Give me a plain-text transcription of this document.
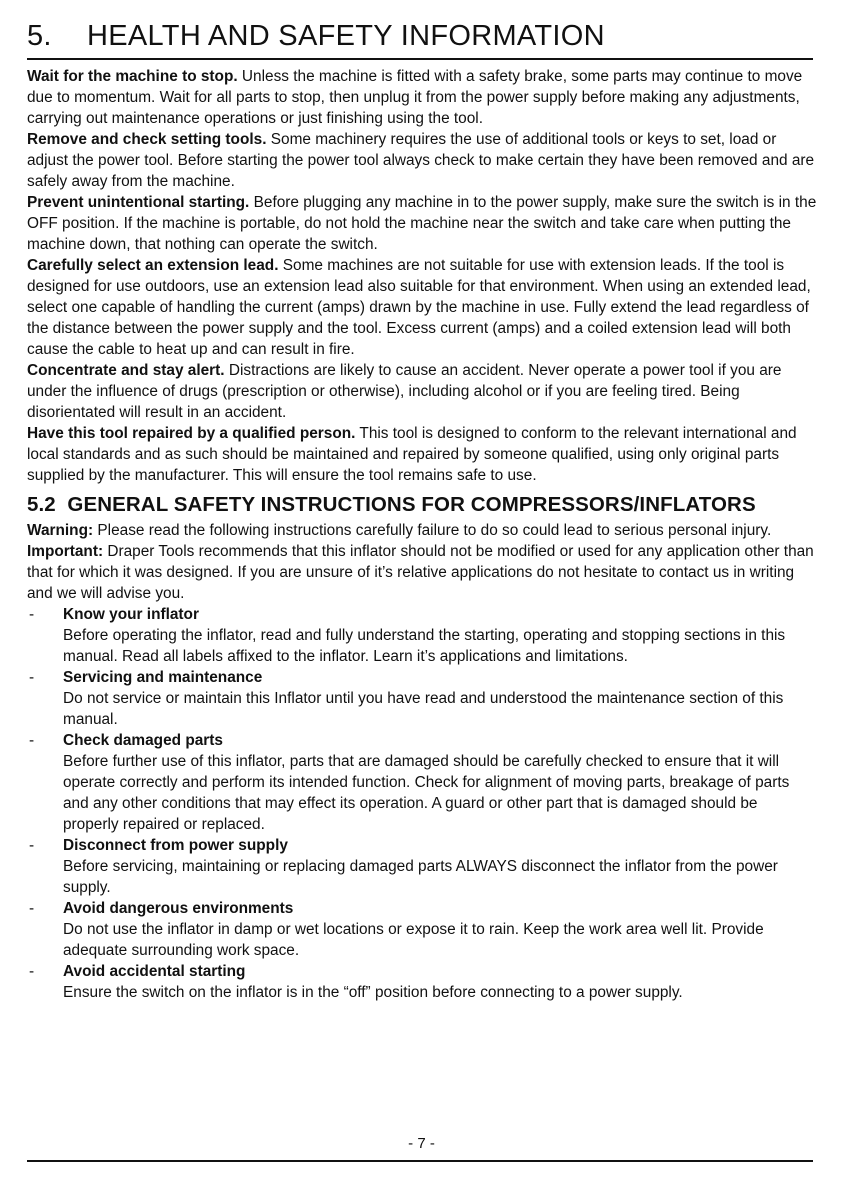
5. HEALTH AND SAFETY INFORMATION

Wait for the machine to stop. Unless the machine is fitted with a safety brake, some parts may continue to move due to momentum. Wait for all parts to stop, then unplug it from the power supply before making any adjustments, carrying out maintenance operations or just finishing using the tool.

Remove and check setting tools. Some machinery requires the use of additional tools or keys to set, load or adjust the power tool. Before starting the power tool always check to make certain they have been removed and are safely away from the machine.

Prevent unintentional starting. Before plugging any machine in to the power supply, make sure the switch is in the OFF position. If the machine is portable, do not hold the machine near the switch and take care when putting the machine down, that nothing can operate the switch.

Carefully select an extension lead. Some machines are not suitable for use with extension leads. If the tool is designed for use outdoors, use an extension lead also suitable for that environment. When using an extended lead, select one capable of handling the current (amps) drawn by the machine in use. Fully extend the lead regardless of the distance between the power supply and the tool. Excess current (amps) and a coiled extension lead will both cause the cable to heat up and can result in fire.

Concentrate and stay alert. Distractions are likely to cause an accident. Never operate a power tool if you are under the influence of drugs (prescription or otherwise), including alcohol or if you are feeling tired. Being disorientated will result in an accident.

Have this tool repaired by a qualified person. This tool is designed to conform to the relevant international and local standards and as such should be maintained and repaired by someone qualified, using only original parts supplied by the manufacturer. This will ensure the tool remains safe to use.

5.2 GENERAL SAFETY INSTRUCTIONS FOR COMPRESSORS/INFLATORS

Warning: Please read the following instructions carefully failure to do so could lead to serious personal injury.

Important: Draper Tools recommends that this inflator should not be modified or used for any application other than that for which it was designed. If you are unsure of it’s relative applications do not hesitate to contact us in writing and we will advise you.

- Know your inflator
Before operating the inflator, read and fully understand the starting, operating and stopping sections in this manual. Read all labels affixed to the inflator. Learn it’s applications and limitations.
- Servicing and maintenance
Do not service or maintain this Inflator until you have read and understood the maintenance section of this manual.
- Check damaged parts
Before further use of this inflator, parts that are damaged should be carefully checked to ensure that it will operate correctly and perform its intended function. Check for alignment of moving parts, breakage of parts and any other conditions that may effect its operation. A guard or other part that is damaged should be properly repaired or replaced.
- Disconnect from power supply
Before servicing, maintaining or replacing damaged parts ALWAYS disconnect the inflator from the power supply.
- Avoid dangerous environments
Do not use the inflator in damp or wet locations or expose it to rain. Keep the work area well lit. Provide adequate surrounding work space.
- Avoid accidental starting
Ensure the switch on the inflator is in the “off” position before connecting to a power supply.
- 7 -
